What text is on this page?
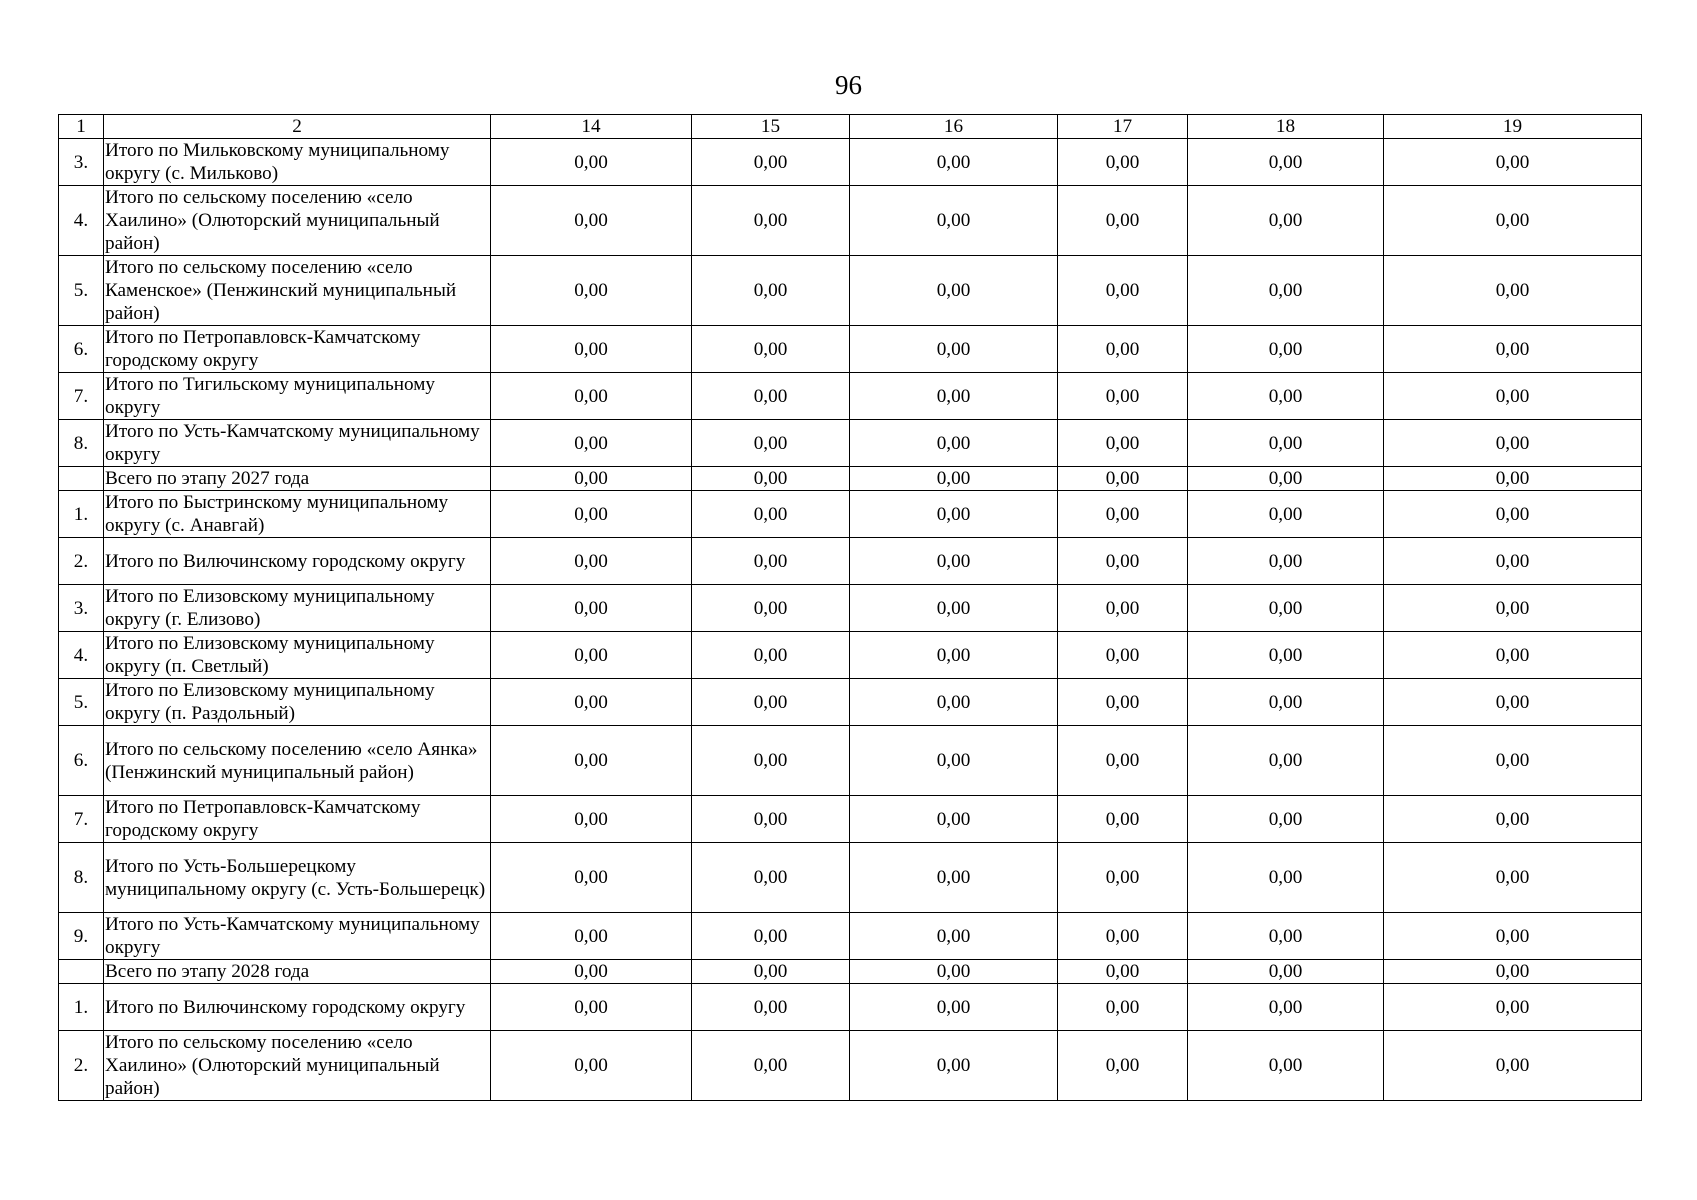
96
1	2	14	15	16	17	18	19
3.	Итого по Мильковскому муниципальному округу (с. Мильково)	0,00	0,00	0,00	0,00	0,00	0,00
4.	Итого по сельскому поселению «село Хаилино» (Олюторский муниципальный район)	0,00	0,00	0,00	0,00	0,00	0,00
5.	Итого по сельскому поселению «село Каменское» (Пенжинский муниципальный район)	0,00	0,00	0,00	0,00	0,00	0,00
6.	Итого по Петропавловск-Камчатскому городскому округу	0,00	0,00	0,00	0,00	0,00	0,00
7.	Итого по Тигильскому муниципальному округу	0,00	0,00	0,00	0,00	0,00	0,00
8.	Итого по Усть-Камчатскому муниципальному округу	0,00	0,00	0,00	0,00	0,00	0,00
	Всего по этапу 2027 года	0,00	0,00	0,00	0,00	0,00	0,00
1.	Итого по Быстринскому муниципальному округу (с. Анавгай)	0,00	0,00	0,00	0,00	0,00	0,00
2.	Итого по Вилючинскому городскому округу	0,00	0,00	0,00	0,00	0,00	0,00
3.	Итого по Елизовскому муниципальному округу (г. Елизово)	0,00	0,00	0,00	0,00	0,00	0,00
4.	Итого по Елизовскому муниципальному округу (п. Светлый)	0,00	0,00	0,00	0,00	0,00	0,00
5.	Итого по Елизовскому муниципальному округу (п. Раздольный)	0,00	0,00	0,00	0,00	0,00	0,00
6.	Итого по сельскому поселению «село Аянка» (Пенжинский муниципальный район)	0,00	0,00	0,00	0,00	0,00	0,00
7.	Итого по Петропавловск-Камчатскому городскому округу	0,00	0,00	0,00	0,00	0,00	0,00
8.	Итого по Усть-Большерецкому муниципальному округу (с. Усть-Большерецк)	0,00	0,00	0,00	0,00	0,00	0,00
9.	Итого по Усть-Камчатскому муниципальному округу	0,00	0,00	0,00	0,00	0,00	0,00
	Всего по этапу 2028 года	0,00	0,00	0,00	0,00	0,00	0,00
1.	Итого по Вилючинскому городскому округу	0,00	0,00	0,00	0,00	0,00	0,00
2.	Итого по сельскому поселению «село Хаилино» (Олюторский муниципальный район)	0,00	0,00	0,00	0,00	0,00	0,00
